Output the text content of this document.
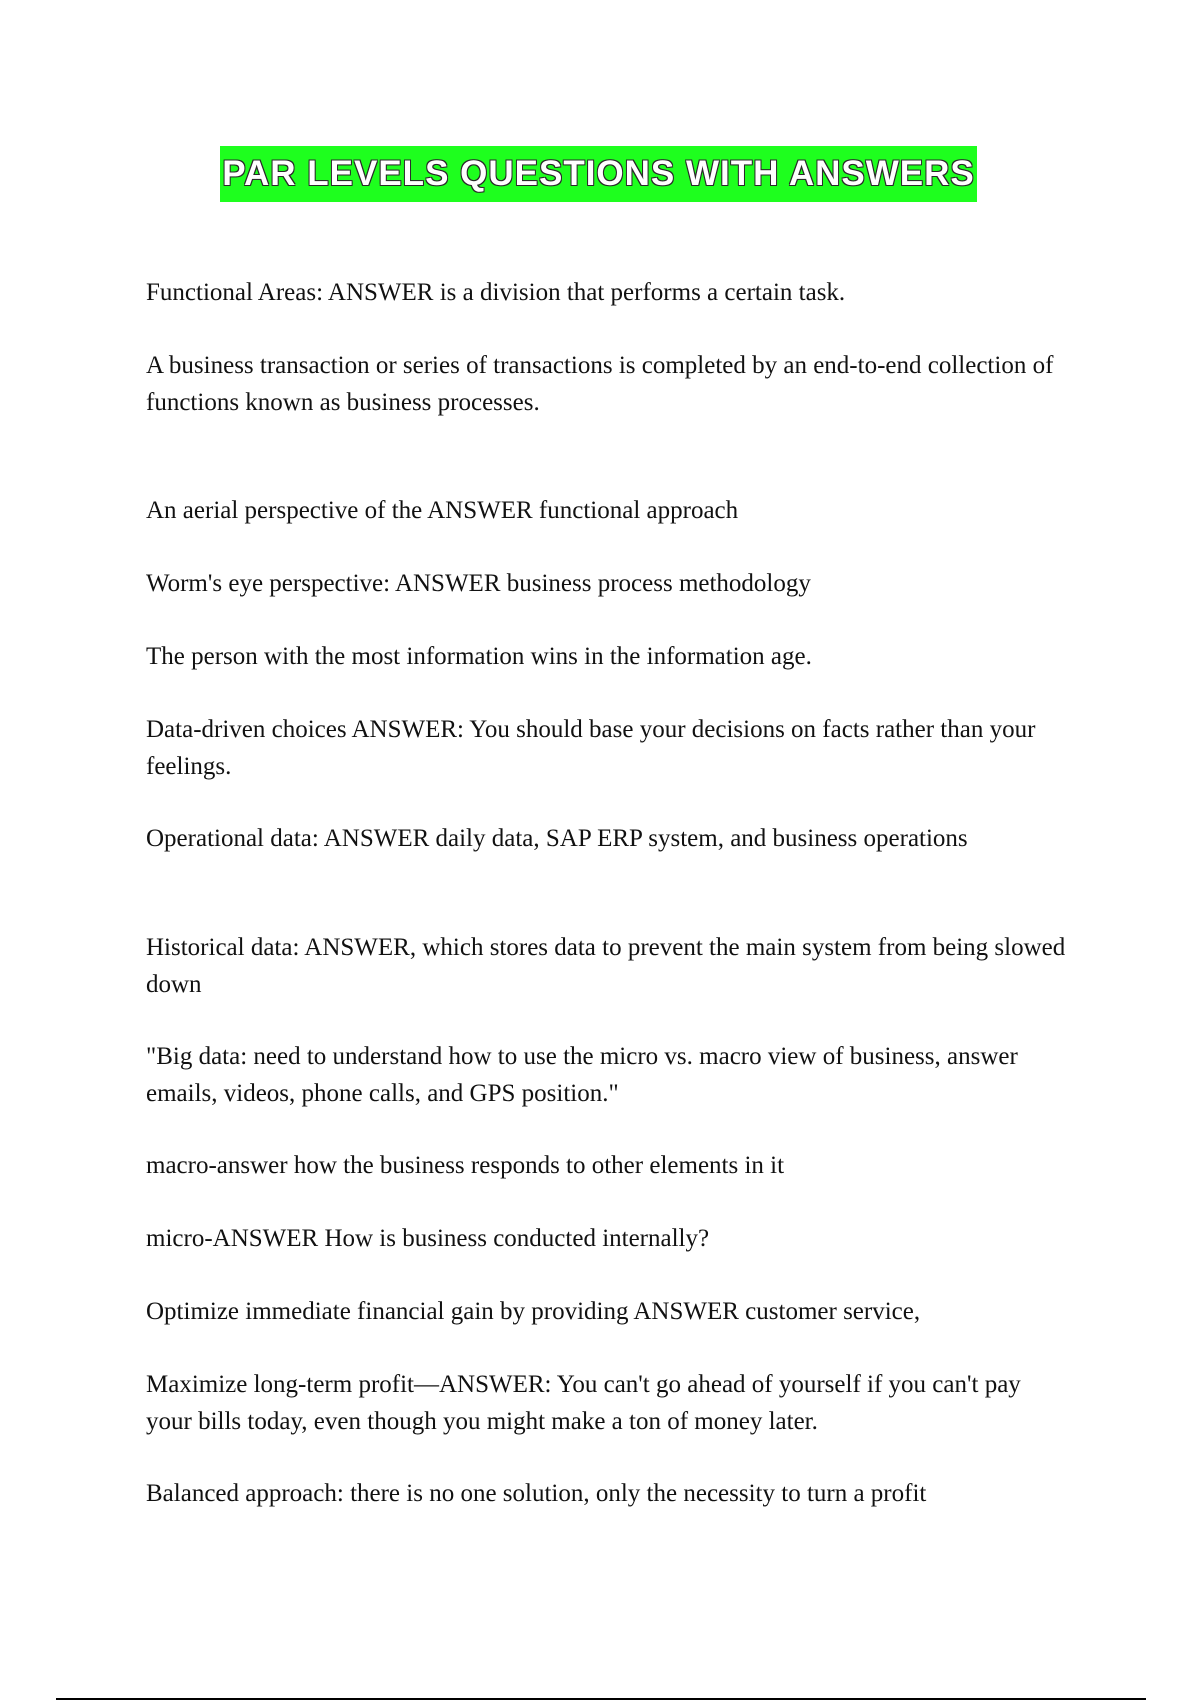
PAR LEVELS QUESTIONS WITH ANSWERS

Functional Areas: ANSWER is a division that performs a certain task.

A business transaction or series of transactions is completed by an end-to-end collection of functions known as business processes.

An aerial perspective of the ANSWER functional approach

Worm's eye perspective: ANSWER business process methodology

The person with the most information wins in the information age.

Data-driven choices ANSWER: You should base your decisions on facts rather than your feelings.

Operational data: ANSWER daily data, SAP ERP system, and business operations

Historical data: ANSWER, which stores data to prevent the main system from being slowed down

"Big data: need to understand how to use the micro vs. macro view of business, answer emails, videos, phone calls, and GPS position."

macro-answer how the business responds to other elements in it

micro-ANSWER How is business conducted internally?

Optimize immediate financial gain by providing ANSWER customer service,

Maximize long-term profit—ANSWER: You can't go ahead of yourself if you can't pay your bills today, even though you might make a ton of money later.

Balanced approach: there is no one solution, only the necessity to turn a profit
